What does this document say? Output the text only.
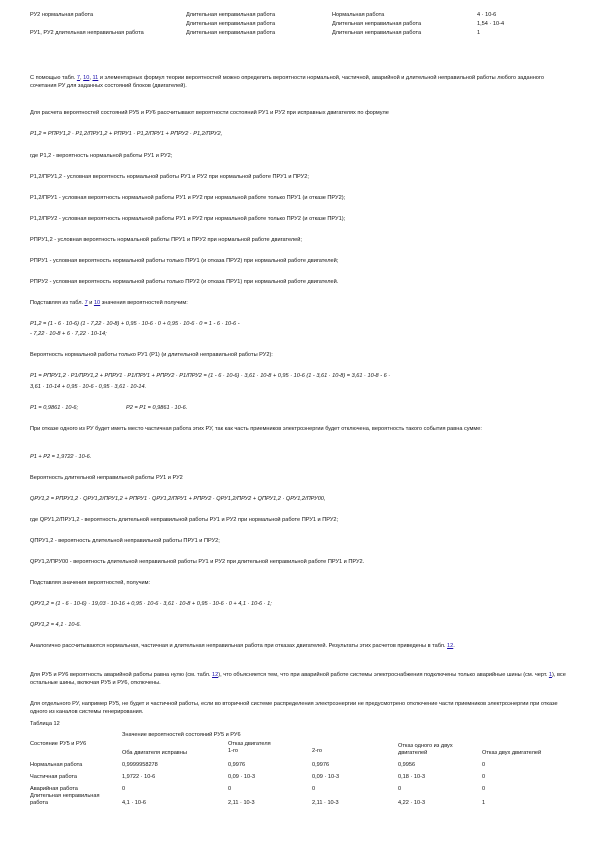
РУ2 нормальная работа	Длительная неправильная работа	Нормальная работа	4 · 10-6
	Длительная неправильная работа	Длительная неправильная работа	1,54 · 10-4
РУ1, РУ2 длительная неправильная работа	Длительная неправильная работа	Длительная неправильная работа	1

С помощью табл. 7, 10, 11 и элементарных формул теории вероятностей можно определить вероятности нормальной, частичной, аварийной и длительной неправильной работы любого заданного сочетания РУ для заданных состояний блоков (двигателей).

Для расчета вероятностей состояний РУ5 и РУ6 рассчитывают вероятности состояний РУ1 и РУ2 при исправных двигателях по формуле

P1,2 = PПРУ1,2 · P1,2/ПРУ1,2 + PПРУ1 · P1,2/ПРУ1 + PПРУ2 · P1,2/ПРУ2,

где P1,2 - вероятность нормальной работы РУ1 и РУ2;

P1,2/ПРУ1,2 - условная вероятность нормальной работы РУ1 и РУ2 при нормальной работе ПРУ1 и ПРУ2;

P1,2/ПРУ1 - условная вероятность нормальной работы РУ1 и РУ2 при нормальной работе только ПРУ1 (и отказе ПРУ2);

P1,2/ПРУ2 - условная вероятность нормальной работы РУ1 и РУ2 при нормальной работе только ПРУ2 (и отказе ПРУ1);

PПРУ1,2 - условная вероятность нормальной работы ПРУ1 и ПРУ2 при нормальной работе двигателей;

PПРУ1 - условная вероятность нормальной работы только ПРУ1 (и отказа ПРУ2) при нормальной работе двигателей;

PПРУ2 - условная вероятность нормальной работы только ПРУ2 (и отказа ПРУ1) при нормальной работе двигателей.

Подставляя из табл. 7 и 10 значения вероятностей получим:

P1,2 = (1 - 6 · 10-6) (1 - 7,22 · 10-8) + 0,95 · 10-6 · 0 + 0,95 · 10-6 · 0 = 1 - 6 · 10-6 -

- 7,22 · 10-8 + 6 · 7,22 · 10-14;

Вероятность нормальной работы только РУ1 (P1) (и длительной неправильной работы РУ2):

P1 = PПРУ1,2 · P1/ПРУ1,2 + PПРУ1 · P1/ПРУ1 + PПРУ2 · P1/ПРУ2 = (1 - 6 · 10-6) · 3,61 · 10-8 + 0,95 · 10-6 (1 - 3,61 · 10-8) = 3,61 · 10-8 - 6 ·

3,61 · 10-14 + 0,95 · 10-6 - 0,95 · 3,61 · 10-14.

P1 = 0,9861 · 10-6;	P2 = P1 = 0,9861 · 10-6.

При отказе одного из РУ будет иметь место частичная работа этих РУ, так как часть приемников электроэнергии будет отключена, вероятность такого события равна сумме:

P1 + P2 = 1,9722 · 10-6.

Вероятность длительной неправильной работы РУ1 и РУ2

QРУ1,2 = PПРУ1,2 · QРУ1,2/ПРУ1,2 + PПРУ1 · QРУ1,2/ПРУ1 + PПРУ2 · QРУ1,2/ПРУ2 + QПРУ1,2 · QРУ1,2/ПРУ00,

где QРУ1,2/ПРУ1,2 - вероятность длительной неправильной работы РУ1 и РУ2 при нормальной работе ПРУ1 и ПРУ2;

QПРУ1,2 - вероятность длительной неправильной работы ПРУ1 и ПРУ2;

QРУ1,2/ПРУ00 - вероятность длительной неправильной работы РУ1 и РУ2 при длительной неправильной работе ПРУ1 и ПРУ2.

Подставляя значения вероятностей, получим:

QРУ1,2 = (1 - 6 · 10-6) · 19,03 · 10-16 + 0,95 · 10-6 · 3,61 · 10-8 + 0,95 · 10-6 · 0 + 4,1 · 10-6 · 1;

QРУ1,2 = 4,1 · 10-6.

Аналогично рассчитываются нормальная, частичная и длительная неправильная работа при отказах двигателей. Результаты этих расчетов приведены в табл. 12.

Для РУ5 и РУ6 вероятность аварийной работы равна нулю (см. табл. 12), что объясняется тем, что при аварийной работе системы электроснабжения подключены только аварийные шины (см. черт. 1), все остальные шины, включая РУ5 и РУ6, отключены.

Для отдельного РУ, например РУ5, не будет и частичной работы, если во вторичной системе распределения электроэнергии не предусмотрено отключение части приемников электроэнергии при отказе одного из каналов системы генерирования.

Таблица 12

Состояние РУ5 и РУ6	Значение вероятностей состояний РУ5 и РУ6				
	Оба двигателя исправны	Отказ двигателя		Отказ одного из двух двигателей	Отказ двух двигателей
		1-го	2-го		
Нормальная работа	0,9999958278	0,9976	0,9976	0,9956	0
Частичная работа	1,9722 · 10-6	0,09 · 10-3	0,09 · 10-3	0,18 · 10-3	0
Аварийная работа	0	0	0	0	0
Длительная неправильная работа	4,1 · 10-6	2,11 · 10-3	2,11 · 10-3	4,22 · 10-3	1
